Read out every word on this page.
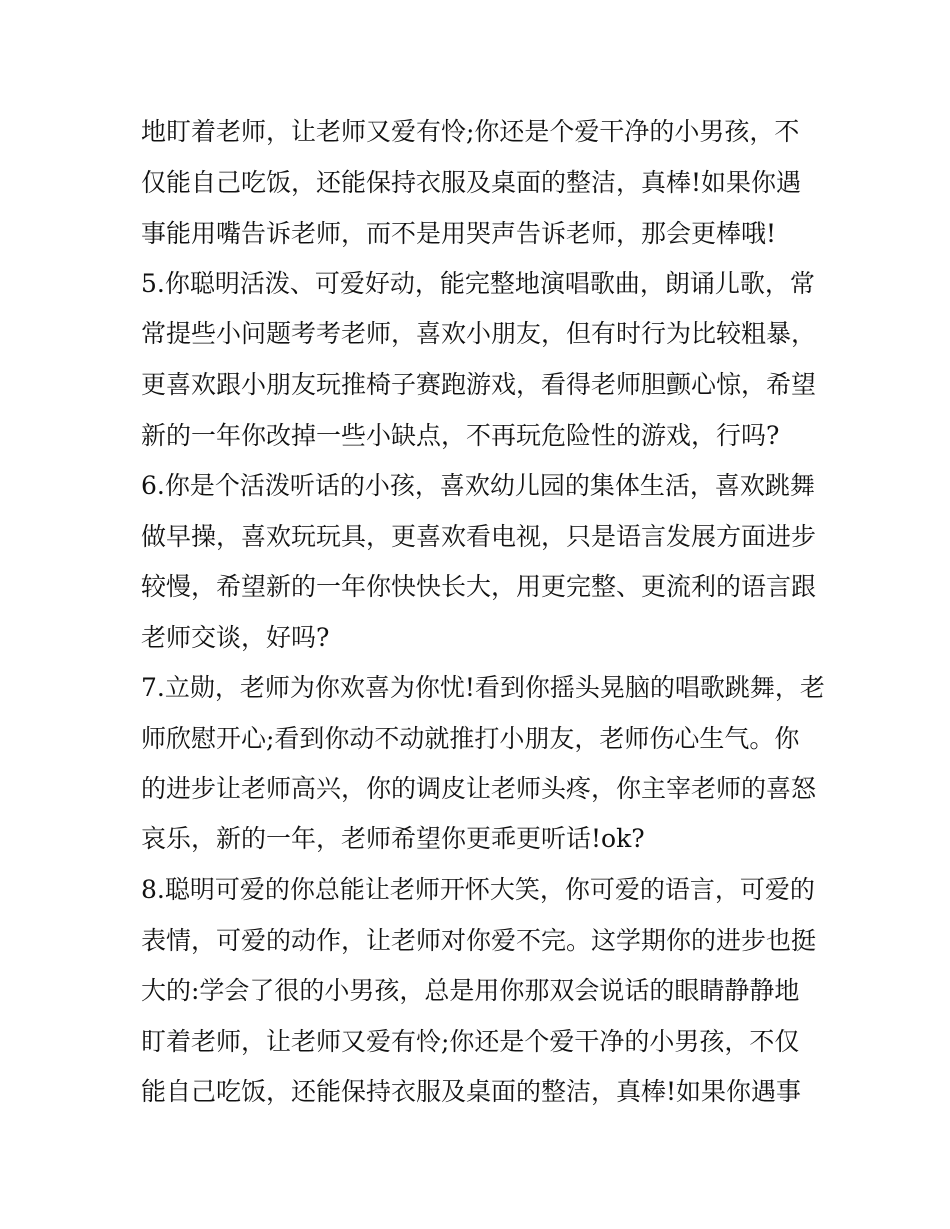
地盯着老师，让老师又爱有怜;你还是个爱干净的小男孩，不
仅能自己吃饭，还能保持衣服及桌面的整洁，真棒!如果你遇
事能用嘴告诉老师，而不是用哭声告诉老师，那会更棒哦!
5.你聪明活泼、可爱好动，能完整地演唱歌曲，朗诵儿歌，常
常提些小问题考考老师，喜欢小朋友，但有时行为比较粗暴，
更喜欢跟小朋友玩推椅子赛跑游戏，看得老师胆颤心惊，希望
新的一年你改掉一些小缺点，不再玩危险性的游戏，行吗?
6.你是个活泼听话的小孩，喜欢幼儿园的集体生活，喜欢跳舞
做早操，喜欢玩玩具，更喜欢看电视，只是语言发展方面进步
较慢，希望新的一年你快快长大，用更完整、更流利的语言跟
老师交谈，好吗?
7.立勋，老师为你欢喜为你忧!看到你摇头晃脑的唱歌跳舞，老
师欣慰开心;看到你动不动就推打小朋友，老师伤心生气。你
的进步让老师高兴，你的调皮让老师头疼，你主宰老师的喜怒
哀乐，新的一年，老师希望你更乖更听话!ok?
8.聪明可爱的你总能让老师开怀大笑，你可爱的语言，可爱的
表情，可爱的动作，让老师对你爱不完。这学期你的进步也挺
大的:学会了很的小男孩，总是用你那双会说话的眼睛静静地
盯着老师，让老师又爱有怜;你还是个爱干净的小男孩，不仅
能自己吃饭，还能保持衣服及桌面的整洁，真棒!如果你遇事
